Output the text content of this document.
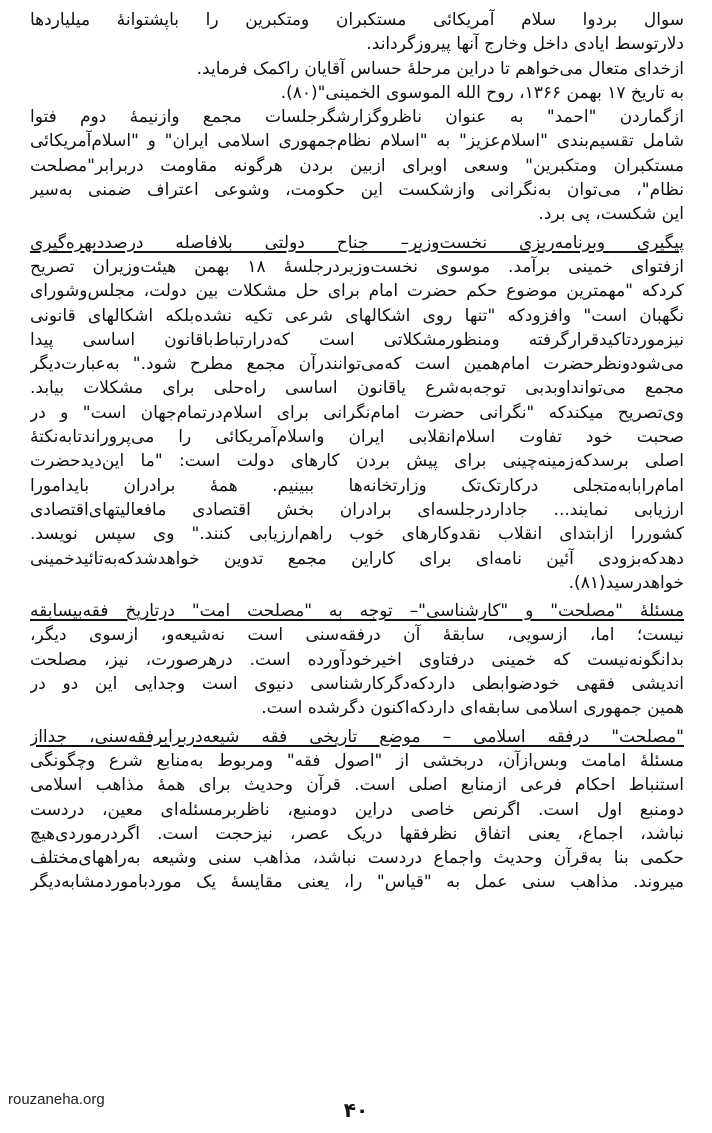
سوال بردوا سلام آمریکائی مستکبران ومتکبرین را باپشتوانهٔ میلیاردها
دلارتوسط ایادی داخل وخارج آنها پیروزگرداند.
ازخدای متعال می‌خواهم تا دراین مرحلهٔ حساس آقایان راکمک فرماید.
به تاریخ ۱۷ بهمن ۱۳۶۶، روح الله الموسوی الخمینی"(۸۰).
ازگماردن "احمد" به عنوان ناظروگزارشگرجلسات مجمع وازنیمهٔ دوم فتوا
شامل تقسیم‌بندی "اسلام‌عزیز" به "اسلام نظام‌جمهوری اسلامی ایران" و "اسلام‌آمریکائی
مستکبران ومتکبرین" وسعی اوبرای ازبین بردن هرگونه مقاومت دربرابر"مصلحت
نظام"، می‌توان به‌نگرانی وازشکست این حکومت، وشوعی اعتراف ضمنی به‌سیر
این شکست، پی برد.
پیگیری وبرنامه‌ریزی نخست‌وزیر– جناح دولتی بلافاصله درصددبهره‌گیری
ازفتوای خمینی برآمد. موسوی نخست‌وزیردرجلسهٔ ۱۸ بهمن هیئت‌وزیران تصریح
کردکه "مهمترین موضوع حکم حضرت امام برای حل مشکلات بین دولت، مجلس‌وشورای
نگهبان است" وافزودکه "تنها روی اشکالهای شرعی تکیه نشده‌بلکه اشکالهای قانونی
نیزموردتاکیدقرارگرفته ومنظورمشکلاتی است که‌درارتباط‌باقانون اساسی پیدا
می‌شودونظرحضرت امام‌همین است که‌می‌توانندرآن مجمع مطرح شود." به‌عبارت‌دیگر
مجمع می‌توانداوبدبی توجه‌به‌شرع یاقانون اساسی راه‌حلی برای مشکلات بیابد.
وی‌تصریح میکندکه "نگرانی حضرت امام‌نگرانی برای اسلام‌درتمام‌جهان است" و در
صحبت خود تفاوت اسلام‌انقلابی ایران واسلام‌آمریکائی را می‌پروراندتابه‌نکتهٔ
اصلی برسدکه‌زمینه‌چینی برای پیش بردن کارهای دولت است: "ما این‌دیدحضرت
امام‌رابابه‌متجلی درکارتک‌تک وزارتخانه‌ها ببینیم. همهٔ برادران بایدامورا
ارزیابی نمایند... جاداردرجلسه‌ای برادران بخش اقتصادی مافعالیتهای‌اقتصادی
کشوررا ازابتدای انقلاب نقدوکارهای خوب راهم‌ارزیابی کنند." وی سپس نویسد.
دهدکه‌بزودی آئین نامه‌ای برای کاراین مجمع تدوین خواهدشدکه‌به‌تائیدخمینی
خواهدرسید(۸۱).
مسئلهٔ "مصلحت" و "کارشناسی"– توجه به "مصلحت امت" درتاریخ فقه‌بیسابقه
نیست؛ اما، ازسویی، سابقهٔ آن درفقه‌سنی است نه‌شیعه‌و، ازسوی دیگر،
بدانگونه‌نیست که خمینی درفتاوی اخیرخودآورده است. درهرصورت، نیز، مصلحت
اندیشی فقهی خودضوابطی داردکه‌دگرکارشناسی دنیوی است وجدایی این دو در
همین جمهوری اسلامی سابقه‌ای داردکه‌اکنون دگرشده است.
"مصلحت" درفقه اسلامی – موضع تاریخی فقه شیعه‌دربرابرفقه‌سنی، جدااز
مسئلهٔ امامت وبس‌ازآن، دربخشی از "اصول فقه" ومربوط به‌منابع شرع وچگونگی
استنباط احکام فرعی ازمنابع اصلی است. قرآن وحدیث برای همهٔ مذاهب اسلامی
دومنبع اول است. اگرنص خاصی دراین دومنبع، ناظربرمسئله‌ای معین، دردست
نباشد، اجماع، یعنی اتفاق نظرفقها دریک عصر، نیزحجت است. اگردرموردی‌هیچ
حکمی بنا به‌قرآن وحدیث واجماع دردست نباشد، مذاهب سنی وشیعه به‌راههای‌مختلف
میروند. مذاهب سنی عمل به "قیاس" را، یعنی مقایسهٔ یک موردبامورد‌مشابه‌دیگر
rouzaneha.org	۴۰
